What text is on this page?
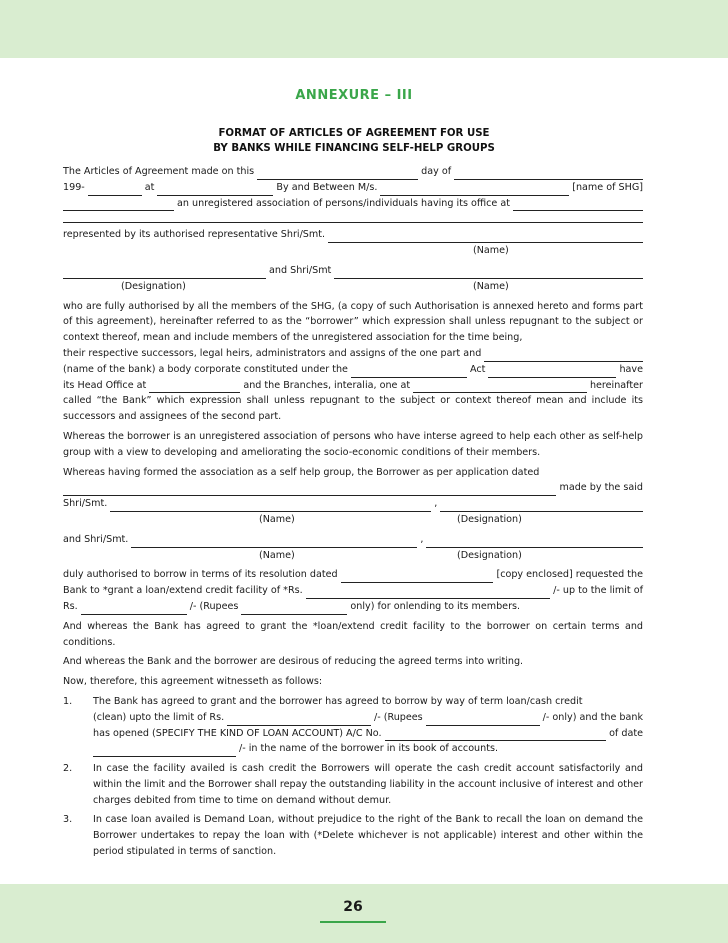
ANNEXURE – III
FORMAT OF ARTICLES OF AGREEMENT FOR USE
BY BANKS WHILE FINANCING SELF-HELP GROUPS
The Articles of Agreement made on this	day of
199-	at	By and Between M/s.	[name of SHG]
an unregistered association of persons/individuals having its office at
represented by its authorised representative Shri/Smt.
(Name)
and Shri/Smt
(Designation)	(Name)

who are fully authorised by all the members of the SHG, (a copy of such Authorisation is annexed hereto and forms part of this agreement), hereinafter referred to as the “borrower” which expression shall unless repugnant to the subject or context thereof, mean and include members of the unregistered association for the time being,

their respective successors, legal heirs, administrators and assigns of the one part and
(name of the bank) a body corporate constituted under the	Act	have
its Head Office at	and the Branches, interalia, one at	hereinafter

called “the Bank” which expression shall unless repugnant to the subject or context thereof mean and include its successors and assignees of the second part.

Whereas the borrower is an unregistered association of persons who have interse agreed to help each other as self-help group with a view to developing and ameliorating the socio-economic conditions of their members.

Whereas having formed the association as a self help group, the Borrower as per application dated

made by the said
Shri/Smt.	,
(Name)	(Designation)
and Shri/Smt.	,
(Name)	(Designation)
duly authorised to borrow in terms of its resolution dated	[copy enclosed] requested the
Bank to *grant a loan/extend credit facility of *Rs.	/- up to the limit of
Rs.	/- (Rupees	only) for onlending to its members.

And whereas the Bank has agreed to grant the *loan/extend credit facility to the borrower on certain terms and conditions.

And whereas the Bank and the borrower are desirous of reducing the agreed terms into writing.

Now, therefore, this agreement witnesseth as follows:

1.	The Bank has agreed to grant and the borrower has agreed to borrow by way of term loan/cash credit

(clean) upto the limit of Rs.	/- (Rupees	/- only) and the bank
has opened (SPECIFY THE KIND OF LOAN ACCOUNT) A/C No.	of date
/- in the name of the borrower in its book of accounts.
2.	In case the facility availed is cash credit the Borrowers will operate the cash credit account satisfactorily and within the limit and the Borrower shall repay the outstanding liability in the account inclusive of interest and other charges debited from time to time on demand without demur.

3.	In case loan availed is Demand Loan, without prejudice to the right of the Bank to recall the loan on demand the Borrower undertakes to repay the loan with (*Delete whichever is not applicable) interest and other within the period stipulated in terms of sanction.

26
